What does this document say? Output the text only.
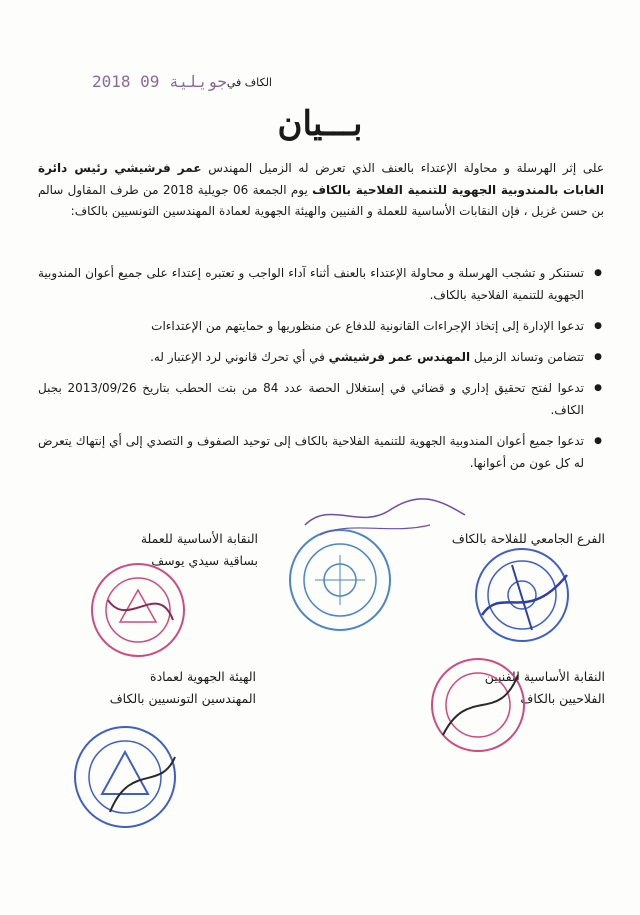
2018 جويلية 09 الكاف في
بـــيان
على إثر الهرسلة و محاولة الإعتداء بالعنف الذي تعرض له الزميل المهندس عمر فرشيشي رئيس دائرة الغابات بالمندوبية الجهوية للتنمية الفلاحية بالكاف يوم الجمعة 06 جويلية 2018 من طرف المقاول سالم بن حسن غزيل ، فإن النقابات الأساسية للعملة و الفنيين والهيئة الجهوية لعمادة المهندسين التونسيين بالكاف:
● تستنكر و تشجب الهرسلة و محاولة الإعتداء بالعنف أثناء آداء الواجب و تعتبره إعتداء على جميع أعوان المندوبية الجهوية للتنمية الفلاحية بالكاف.
● تدعوا الإدارة إلى إتخاذ الإجراءات القانونية للدفاع عن منظوريها و حمايتهم من الإعتداءات
● تتضامن وتساند الزميل المهندس عمر فرشيشي في أي تحرك قانوني لرد الإعتبار له.
● تدعوا لفتح تحقيق إداري و قضائي في إستغلال الحصة عدد 84 من بتت الحطب بتاريخ 2013/09/26 بجبل الكاف.
● تدعوا جميع أعوان المندوبية الجهوية للتنمية الفلاحية بالكاف إلى توحيد الصفوف و التصدي إلى أي إنتهاك يتعرض له كل عون من أعوانها.
الفرع الجامعي للفلاحة بالكاف
النقابة الأساسية للعملة
بساقية سيدي يوسف
النقابة الأساسية للفنيين
الفلاحيين بالكاف
الهيئة الجهوية لعمادة
المهندسين التونسيين بالكاف
